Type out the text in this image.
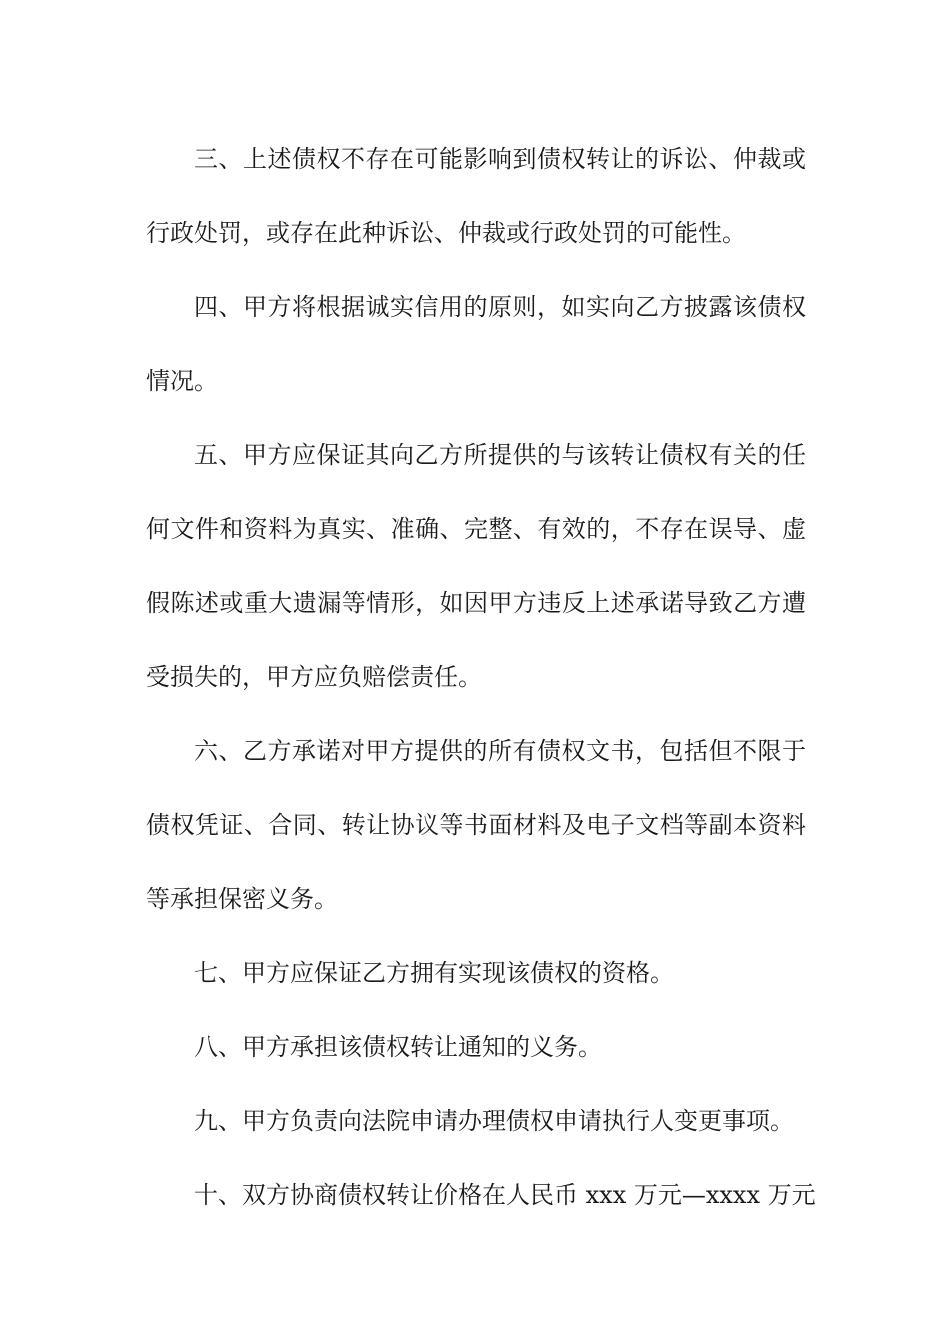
三、上述债权不存在可能影响到债权转让的诉讼、仲裁或
行政处罚，或存在此种诉讼、仲裁或行政处罚的可能性。
四、甲方将根据诚实信用的原则，如实向乙方披露该债权
情况。
五、甲方应保证其向乙方所提供的与该转让债权有关的任
何文件和资料为真实、准确、完整、有效的，不存在误导、虚
假陈述或重大遗漏等情形，如因甲方违反上述承诺导致乙方遭
受损失的，甲方应负赔偿责任。
六、乙方承诺对甲方提供的所有债权文书，包括但不限于
债权凭证、合同、转让协议等书面材料及电子文档等副本资料
等承担保密义务。
七、甲方应保证乙方拥有实现该债权的资格。
八、甲方承担该债权转让通知的义务。
九、甲方负责向法院申请办理债权申请执行人变更事项。
十、双方协商债权转让价格在人民币 xxx 万元—xxxx 万元
